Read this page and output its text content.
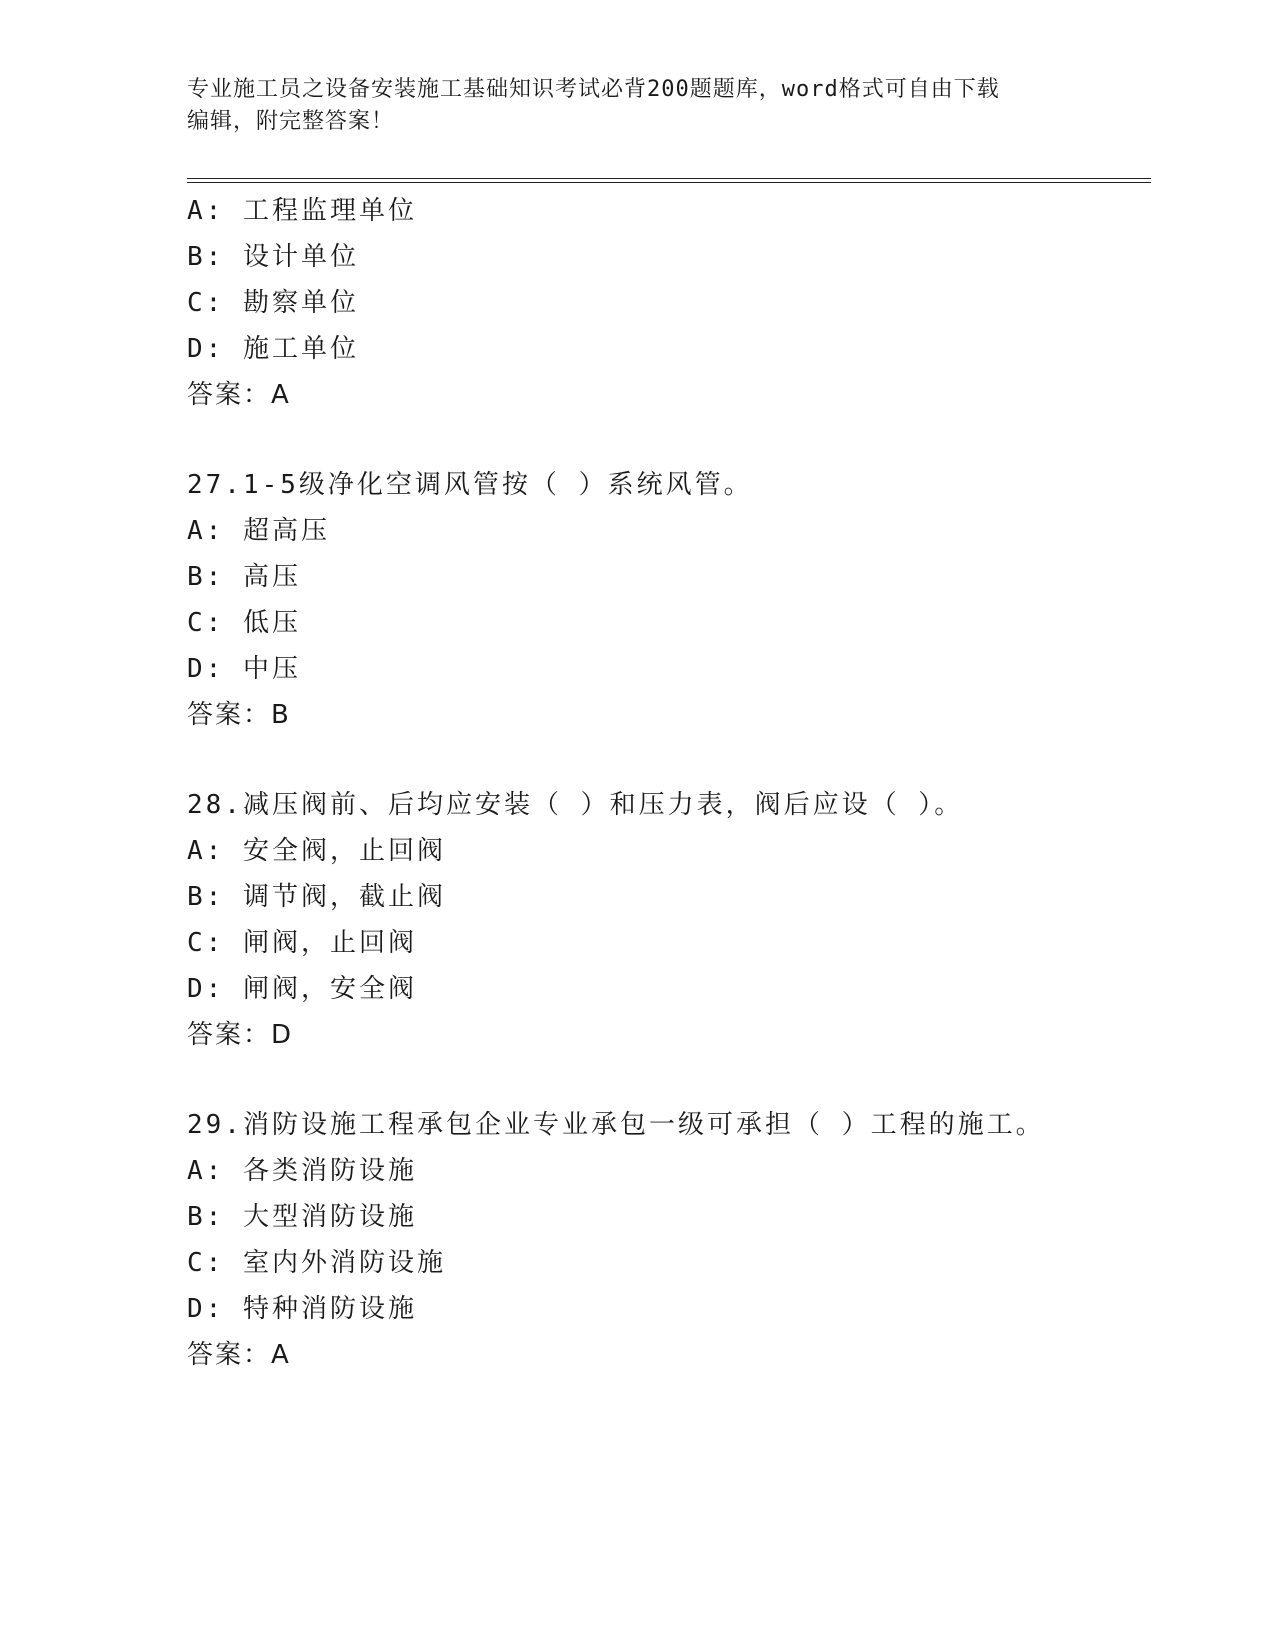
专业施工员之设备安装施工基础知识考试必背200题题库，word格式可自由下载
编辑，附完整答案！
A: 工程监理单位
B: 设计单位
C: 勘察单位
D: 施工单位
答案：A
27.1-5级净化空调风管按（ ）系统风管。
A: 超高压
B: 高压
C: 低压
D: 中压
答案：B
28.减压阀前、后均应安装（ ）和压力表，阀后应设（ ）。
A: 安全阀，止回阀
B: 调节阀，截止阀
C: 闸阀，止回阀
D: 闸阀，安全阀
答案：D
29.消防设施工程承包企业专业承包一级可承担（ ）工程的施工。
A: 各类消防设施
B: 大型消防设施
C: 室内外消防设施
D: 特种消防设施
答案：A
